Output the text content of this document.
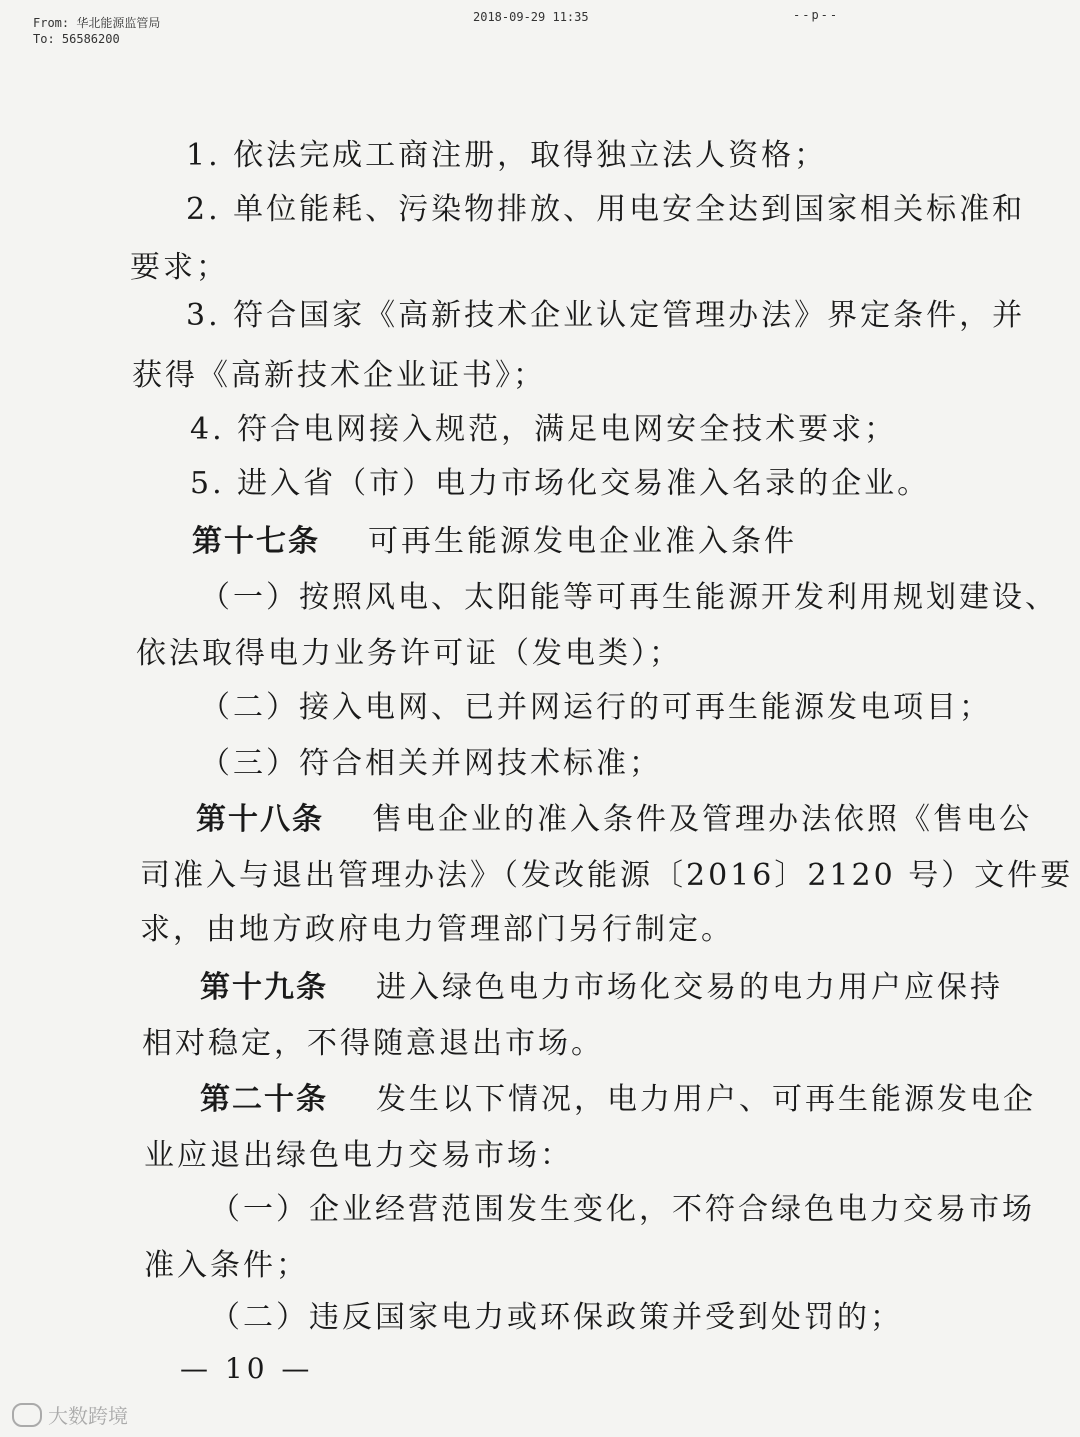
From: 华北能源监管局
To: 56586200
2018-09-29 11:35	--p--
1. 依法完成工商注册，取得独立法人资格；
2. 单位能耗、污染物排放、用电安全达到国家相关标准和
要求；
3. 符合国家《高新技术企业认定管理办法》界定条件，并
获得《高新技术企业证书》；
4. 符合电网接入规范，满足电网安全技术要求；
5. 进入省（市）电力市场化交易准入名录的企业。
第十七条 可再生能源发电企业准入条件
（一）按照风电、太阳能等可再生能源开发利用规划建设、
依法取得电力业务许可证（发电类）；
（二）接入电网、已并网运行的可再生能源发电项目；
（三）符合相关并网技术标准；
第十八条 售电企业的准入条件及管理办法依照《售电公
司准入与退出管理办法》（发改能源〔2016〕2120 号）文件要
求，由地方政府电力管理部门另行制定。
第十九条 进入绿色电力市场化交易的电力用户应保持
相对稳定，不得随意退出市场。
第二十条 发生以下情况，电力用户、可再生能源发电企
业应退出绿色电力交易市场：
（一）企业经营范围发生变化，不符合绿色电力交易市场
准入条件；
（二）违反国家电力或环保政策并受到处罚的；
— 10 —
大数跨境
